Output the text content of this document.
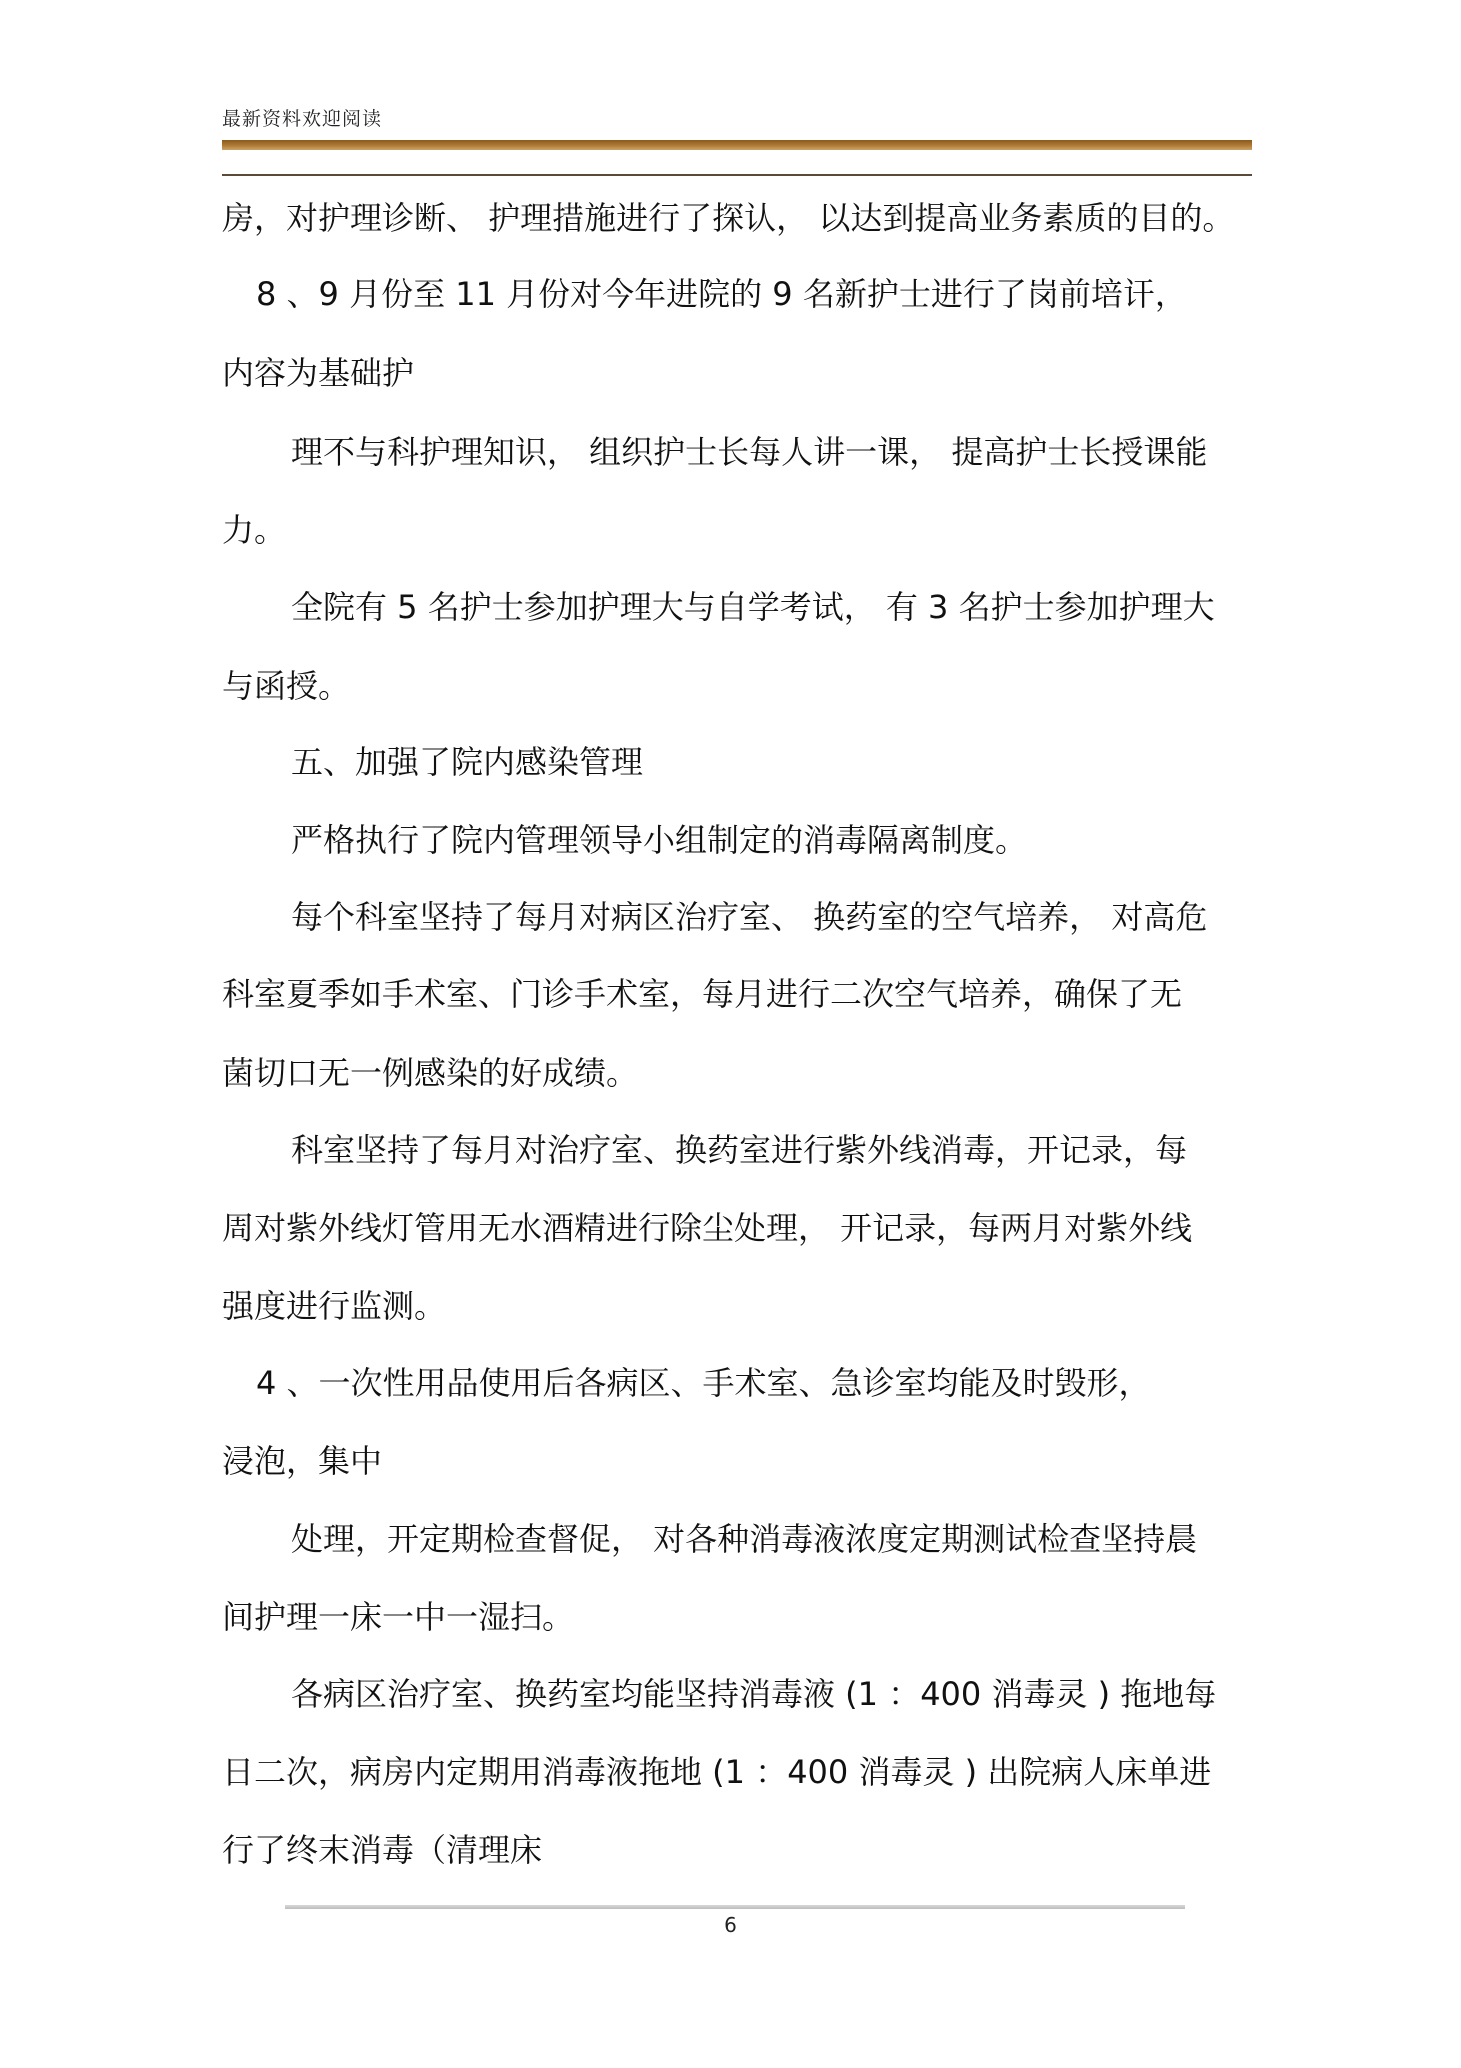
最新资料欢迎阅读
房，对护理诊断、 护理措施进行了探认， 以达到提高业务素质的目的。
8 、9 月份至 11 月份对今年进院的 9 名新护士进行了岗前培讦，
内容为基础护
理不与科护理知识， 组织护士长每人讲一课， 提高护士长授课能
力。
全院有 5 名护士参加护理大与自学考试， 有 3 名护士参加护理大
与函授。
五、加强了院内感染管理
严格执行了院内管理领导小组制定的消毒隔离制度。
每个科室坚持了每月对病区治疗室、 换药室的空气培养， 对高危
科室夏季如手术室、门诊手术室，每月进行二次空气培养，确保了无
菌切口无一例感染的好成绩。
科室坚持了每月对治疗室、换药室进行紫外线消毒，开记录，每
周对紫外线灯管用无水酒精进行除尘处理， 开记录，每两月对紫外线
强度进行监测。
4 、一次性用品使用后各病区、手术室、急诊室均能及时毁形，
浸泡，集中
处理，开定期检查督促， 对各种消毒液浓度定期测试检查坚持晨
间护理一床一中一湿扫。
各病区治疗室、换药室均能坚持消毒液 (1 ：400 消毒灵 ) 拖地每
日二次，病房内定期用消毒液拖地 (1 ：400 消毒灵 ) 出院病人床单进
行了终末消毒（清理床
6
